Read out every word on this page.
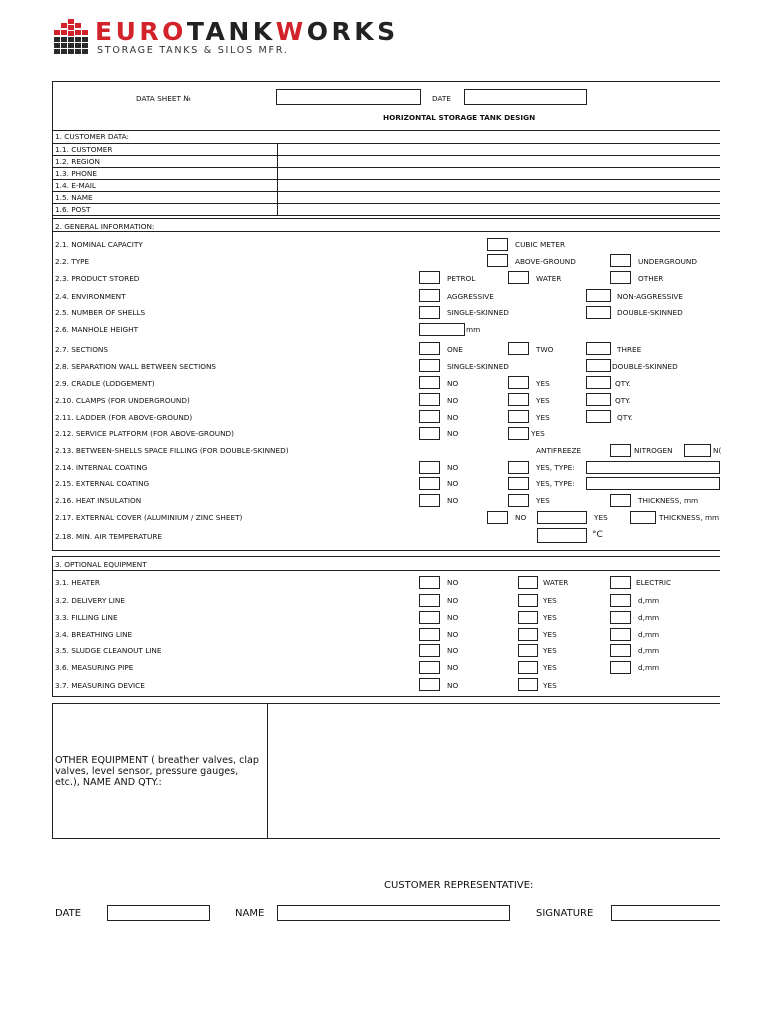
EUROTANKWORKS
STORAGE TANKS & SILOS MFR.
DATA SHEET №	DATE
HORIZONTAL STORAGE TANK DESIGN
1. CUSTOMER DATA:
1.1. CUSTOMER
1.2. REGION
1.3. PHONE
1.4. E-MAIL
1.5. NAME
1.6. POST
2. GENERAL INFORMATION:
2.1. NOMINAL CAPACITY	CUBIC METER
2.2. TYPE	ABOVE-GROUND	UNDERGROUND
2.3. PRODUCT STORED	PETROL	WATER	OTHER
2.4. ENVIRONMENT	AGGRESSIVE	NON-AGGRESSIVE
2.5. NUMBER OF SHELLS	SINGLE-SKINNED	DOUBLE-SKINNED
2.6. MANHOLE HEIGHT	mm
2.7. SECTIONS	ONE	TWO	THREE
2.8. SEPARATION WALL BETWEEN SECTIONS	SINGLE-SKINNED	DOUBLE-SKINNED
2.9. CRADLE (LODGEMENT)	NO	YES	QTY.
2.10. CLAMPS (FOR UNDERGROUND)	NO	YES	QTY.
2.11. LADDER (FOR ABOVE-GROUND)	NO	YES	QTY.
2.12. SERVICE PLATFORM (FOR ABOVE-GROUND)	NO	YES
2.13. BETWEEN-SHELLS SPACE FILLING (FOR DOUBLE-SKINNED)	ANTIFREEZE	NITROGEN	N(
2.14. INTERNAL COATING	NO	YES, TYPE:
2.15. EXTERNAL COATING	NO	YES, TYPE:
2.16. HEAT INSULATION	NO	YES	THICKNESS, mm
2.17. EXTERNAL COVER (ALUMINIUM / ZINC SHEET)	NO	YES	THICKNESS, mm
2.18. MIN. AIR TEMPERATURE	°C
3. OPTIONAL EQUIPMENT
3.1. HEATER	NO	WATER	ELECTRIC
3.2. DELIVERY LINE	NO	YES	d,mm
3.3. FILLING LINE	NO	YES	d,mm
3.4. BREATHING LINE	NO	YES	d,mm
3.5. SLUDGE CLEANOUT LINE	NO	YES	d,mm
3.6. MEASURING PIPE	NO	YES	d,mm
3.7. MEASURING DEVICE	NO	YES
OTHER EQUIPMENT ( breather valves, clap valves, level sensor, pressure gauges, etc.), NAME AND QTY.:
CUSTOMER REPRESENTATIVE:
DATE	NAME	SIGNATURE
